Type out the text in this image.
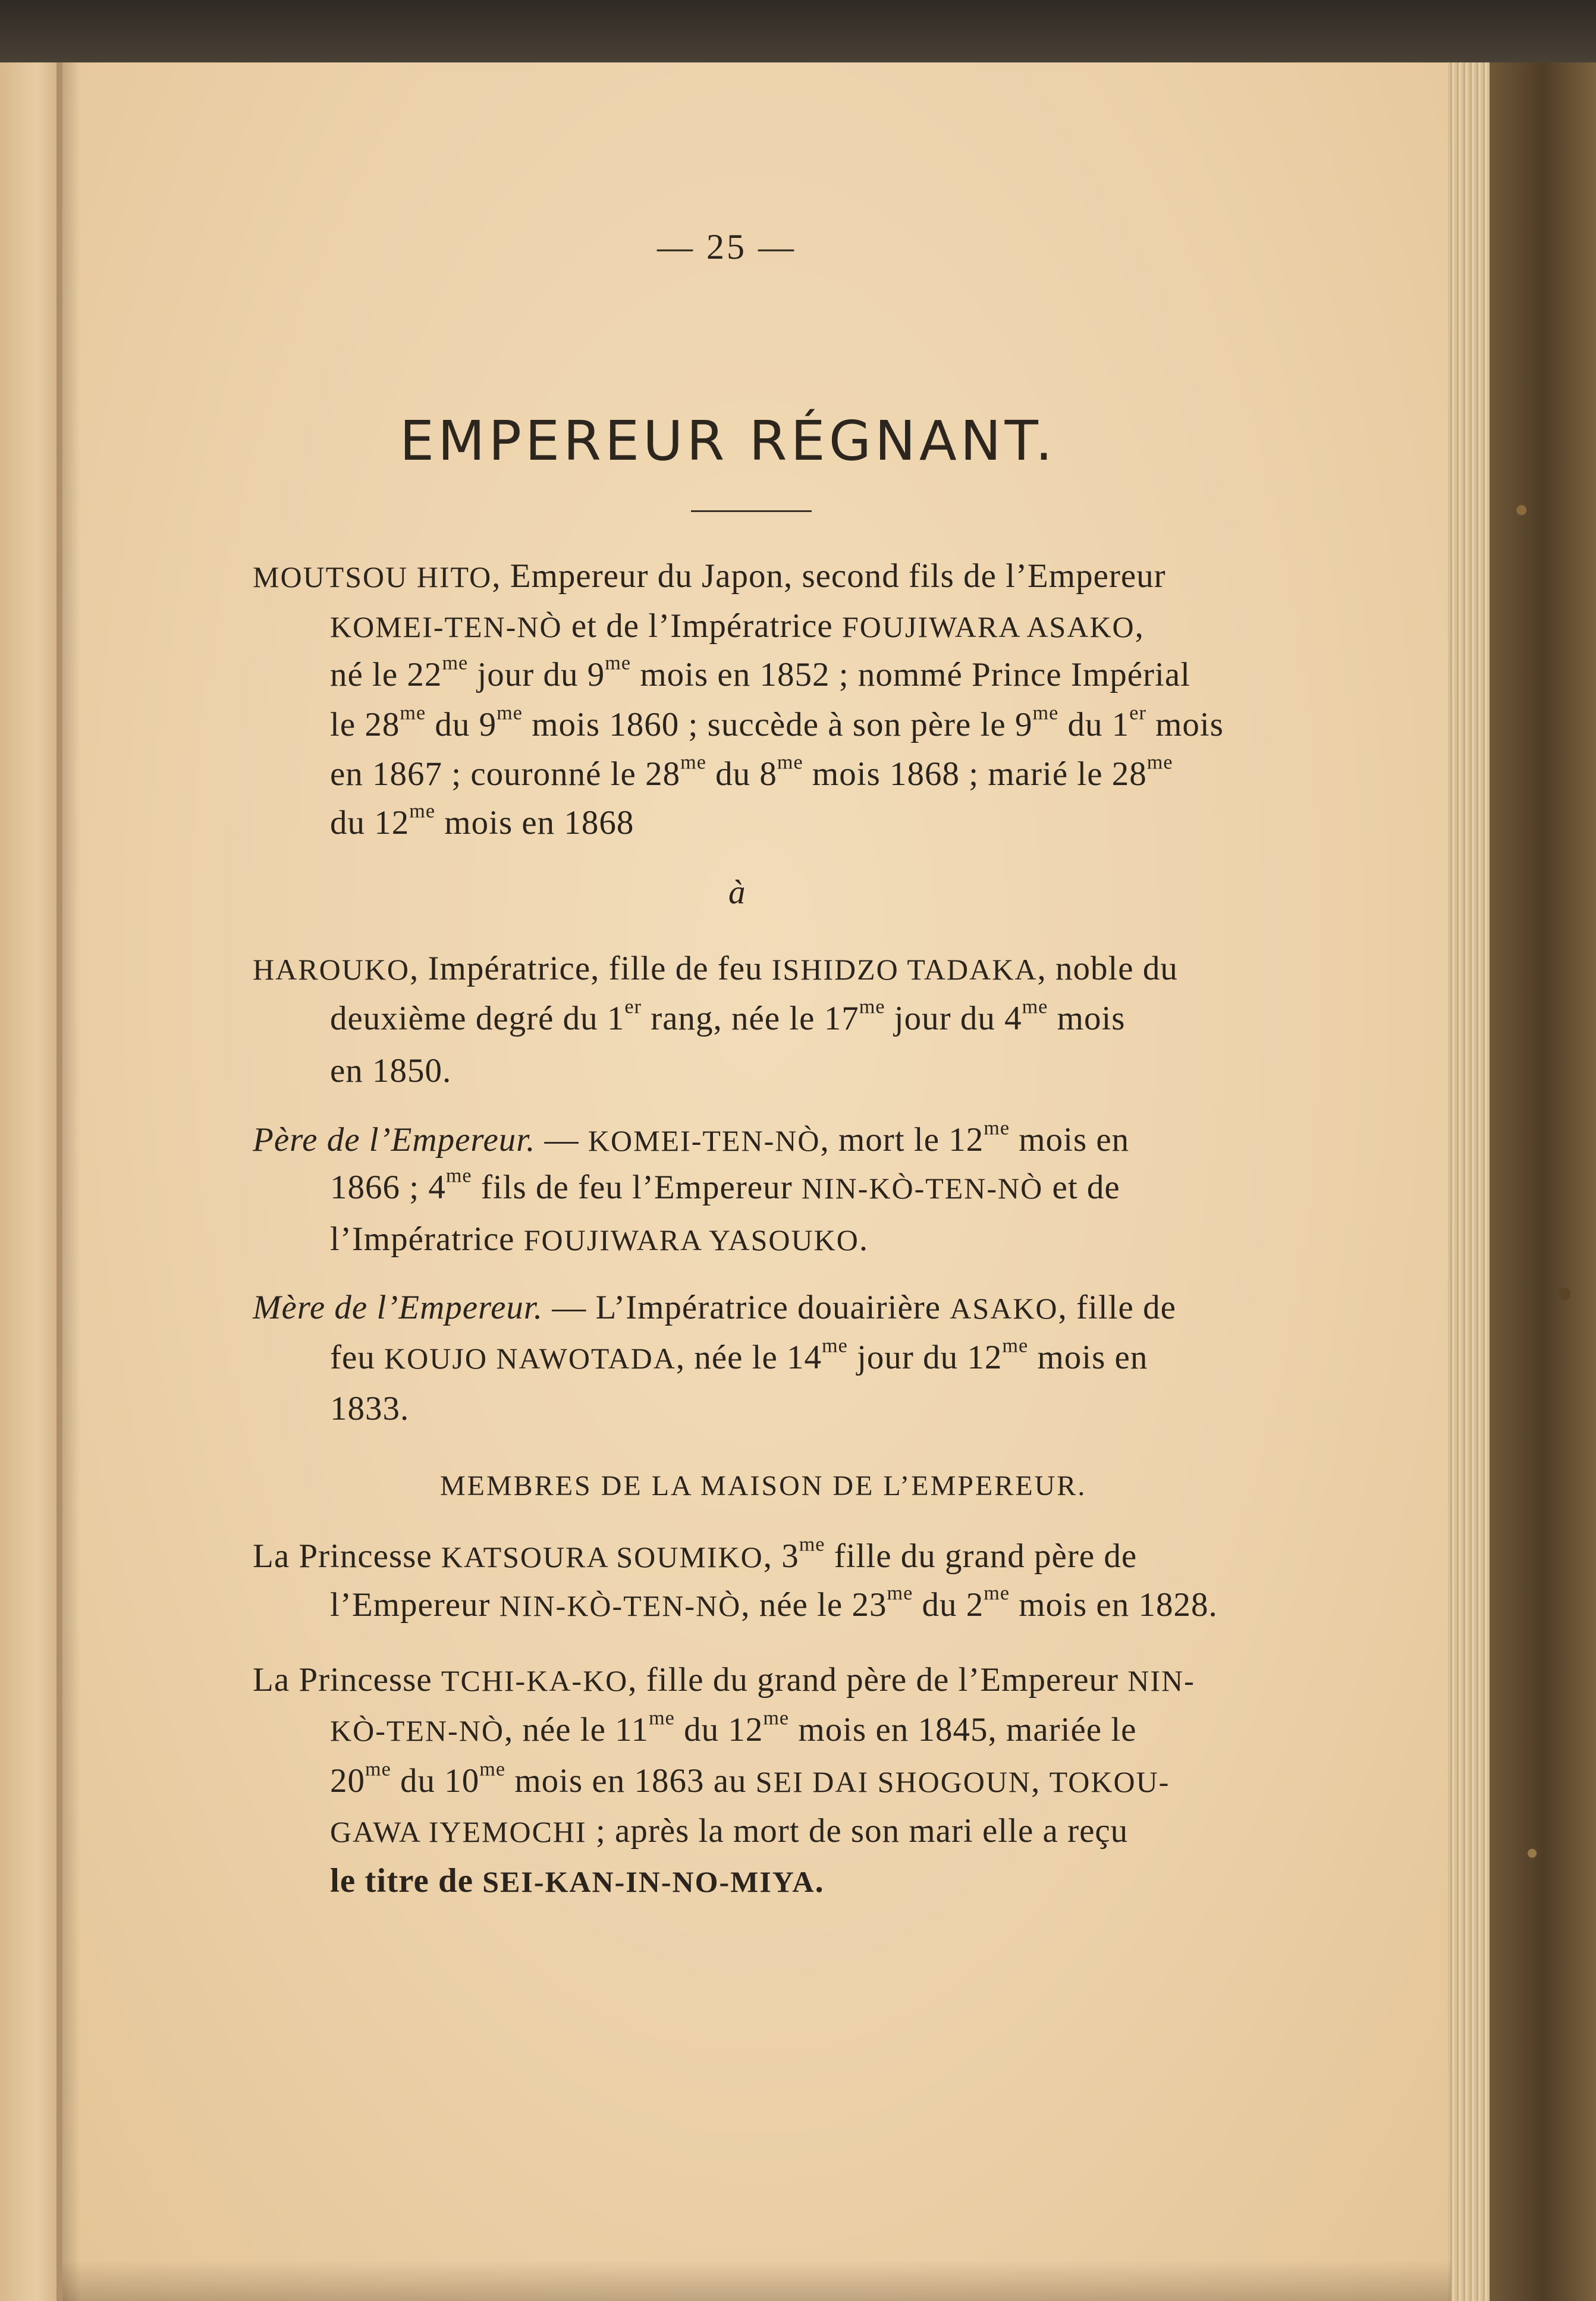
— 25 —
EMPEREUR RÉGNANT.
MOUTSOU HITO, Empereur du Japon, second fils de l’Empereur
KOMEI-TEN-NÒ et de l’Impératrice FOUJIWARA ASAKO,
né le $22^{me}$ jour du $9^{me}$ mois en 1852 ; nommé Prince Impérial
le $28^{me}$ du $9^{me}$ mois 1860 ; succède à son père le $9^{me}$ du 1er mois
en 1867 ; couronné le $28^{me}$ du $8^{me}$ mois 1868 ; marié le $28^{me}$
du $12^{me}$ mois en 1868
à
HAROUKO, Impératrice, fille de feu ISHIDZO TADAKA, noble du
deuxième degré du 1er rang, née le $17^{me}$ jour du $4^{me}$ mois
en 1850.
Père de l’Empereur. — KOMEI-TEN-NÒ, mort le $12^{me}$ mois en
1866 ; $4^{me}$ fils de feu l’Empereur NIN-KÒ-TEN-NÒ et de
l’Impératrice FOUJIWARA YASOUKO.
Mère de l’Empereur. — L’Impératrice douairière ASAKO, fille de
feu KOUJO NAWOTADA, née le $14^{me}$ jour du $12^{me}$ mois en
1833.
MEMBRES DE LA MAISON DE L’EMPEREUR.
La Princesse KATSOURA SOUMIKO, $3^{me}$ fille du grand père de
l’Empereur NIN-KÒ-TEN-NÒ, née le $23^{me}$ du $2^{me}$ mois en 1828.
La Princesse TCHI-KA-KO, fille du grand père de l’Empereur NIN-
KÒ-TEN-NÒ, née le $11^{me}$ du $12^{me}$ mois en 1845, mariée le
$20^{me}$ du $10^{me}$ mois en 1863 au SEI DAI SHOGOUN, TOKOU-
GAWA IYEMOCHI ; après la mort de son mari elle a reçu
le titre de SEI-KAN-IN-NO-MIYA.
